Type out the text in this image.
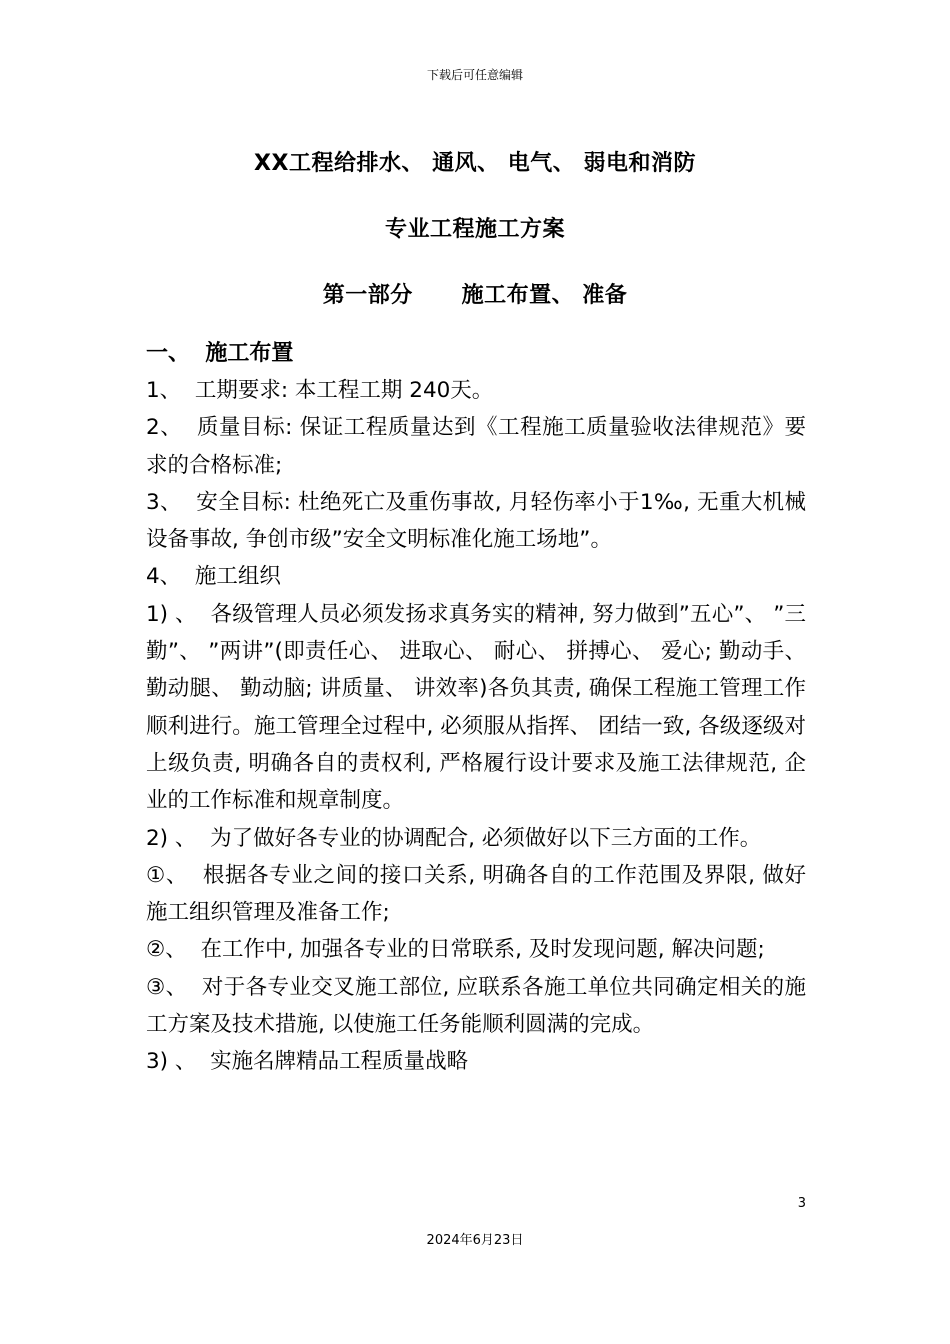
下载后可任意编辑
XX工程给排水、 通风、 电气、 弱电和消防
专业工程施工方案
第一部分      施工布置、 准备
一、  施工布置

1、  工期要求: 本工程工期 240天。

2、  质量目标: 保证工程质量达到《工程施工质量验收法律规范》要求的合格标准;

3、  安全目标: 杜绝死亡及重伤事故, 月轻伤率小于1‰, 无重大机械设备事故, 争创市级”安全文明标准化施工场地”。

4、  施工组织

1) 、  各级管理人员必须发扬求真务实的精神, 努力做到”五心”、 ”三勤”、 ”两讲”(即责任心、 进取心、 耐心、 拼搏心、 爱心; 勤动手、 勤动腿、 勤动脑; 讲质量、 讲效率)各负其责, 确保工程施工管理工作顺利进行。施工管理全过程中, 必须服从指挥、 团结一致, 各级逐级对上级负责, 明确各自的责权利, 严格履行设计要求及施工法律规范, 企业的工作标准和规章制度。

2) 、  为了做好各专业的协调配合, 必须做好以下三方面的工作。

①、  根据各专业之间的接口关系, 明确各自的工作范围及界限, 做好施工组织管理及准备工作;

②、  在工作中, 加强各专业的日常联系, 及时发现问题, 解决问题;

③、  对于各专业交叉施工部位, 应联系各施工单位共同确定相关的施工方案及技术措施, 以使施工任务能顺利圆满的完成。

3) 、  实施名牌精品工程质量战略

3
2024年6月23日
